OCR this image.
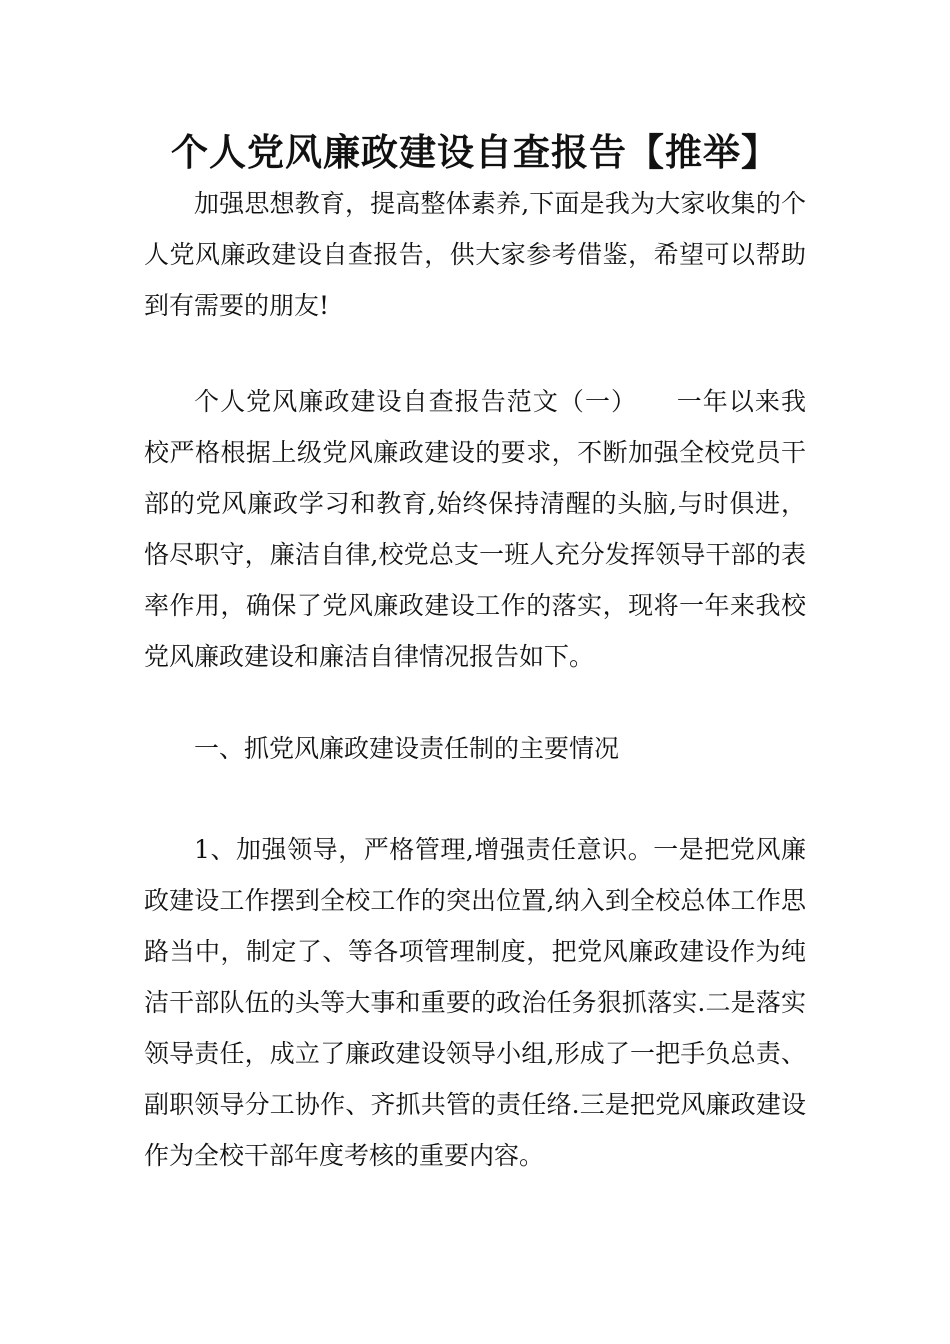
个人党风廉政建设自查报告【推举】

加强思想教育，提高整体素养,下面是我为大家收集的个人党风廉政建设自查报告，供大家参考借鉴，希望可以帮助到有需要的朋友!

个人党风廉政建设自查报告范文（一）　　一年以来我校严格根据上级党风廉政建设的要求，不断加强全校党员干部的党风廉政学习和教育,始终保持清醒的头脑,与时俱进，恪尽职守，廉洁自律,校党总支一班人充分发挥领导干部的表率作用，确保了党风廉政建设工作的落实，现将一年来我校党风廉政建设和廉洁自律情况报告如下。

一、抓党风廉政建设责任制的主要情况

1、加强领导，严格管理,增强责任意识。一是把党风廉政建设工作摆到全校工作的突出位置,纳入到全校总体工作思路当中，制定了、等各项管理制度，把党风廉政建设作为纯洁干部队伍的头等大事和重要的政治任务狠抓落实.二是落实领导责任，成立了廉政建设领导小组,形成了一把手负总责、副职领导分工协作、齐抓共管的责任络.三是把党风廉政建设作为全校干部年度考核的重要内容。
